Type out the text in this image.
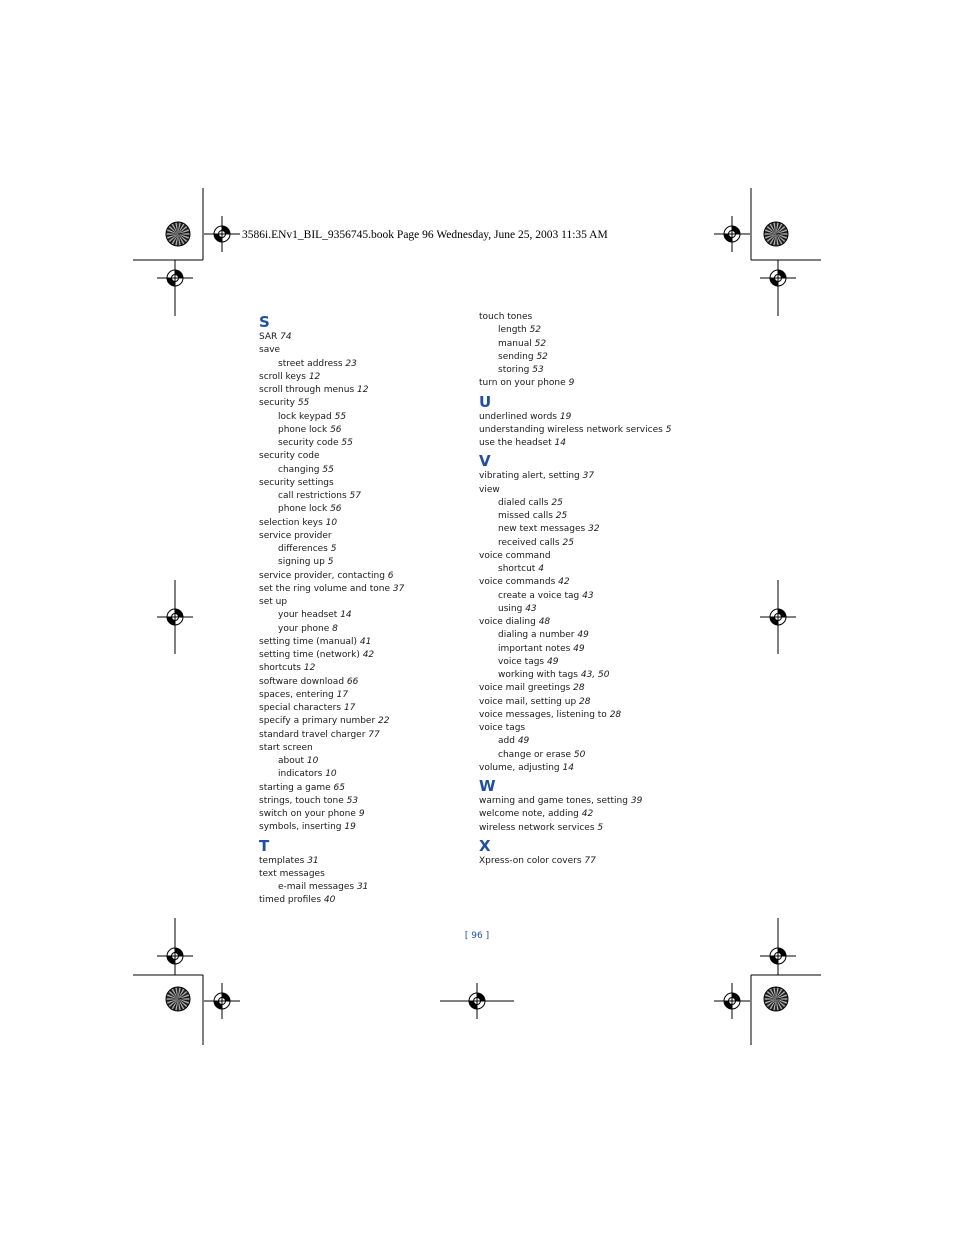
3586i.ENv1_BIL_9356745.book Page 96 Wednesday, June 25, 2003 11:35 AM
S
SAR 74
save
street address 23
scroll keys 12
scroll through menus 12
security 55
lock keypad 55
phone lock 56
security code 55
security code
changing 55
security settings
call restrictions 57
phone lock 56
selection keys 10
service provider
differences 5
signing up 5
service provider, contacting 6
set the ring volume and tone 37
set up
your headset 14
your phone 8
setting time (manual) 41
setting time (network) 42
shortcuts 12
software download 66
spaces, entering 17
special characters 17
specify a primary number 22
standard travel charger 77
start screen
about 10
indicators 10
starting a game 65
strings, touch tone 53
switch on your phone 9
symbols, inserting 19
T
templates 31
text messages
e-mail messages 31
timed profiles 40
touch tones
length 52
manual 52
sending 52
storing 53
turn on your phone 9
U
underlined words 19
understanding wireless network services 5
use the headset 14
V
vibrating alert, setting 37
view
dialed calls 25
missed calls 25
new text messages 32
received calls 25
voice command
shortcut 4
voice commands 42
create a voice tag 43
using 43
voice dialing 48
dialing a number 49
important notes 49
voice tags 49
working with tags 43, 50
voice mail greetings 28
voice mail, setting up 28
voice messages, listening to 28
voice tags
add 49
change or erase 50
volume, adjusting 14
W
warning and game tones, setting 39
welcome note, adding 42
wireless network services 5
X
Xpress-on color covers 77
[ 96 ]
